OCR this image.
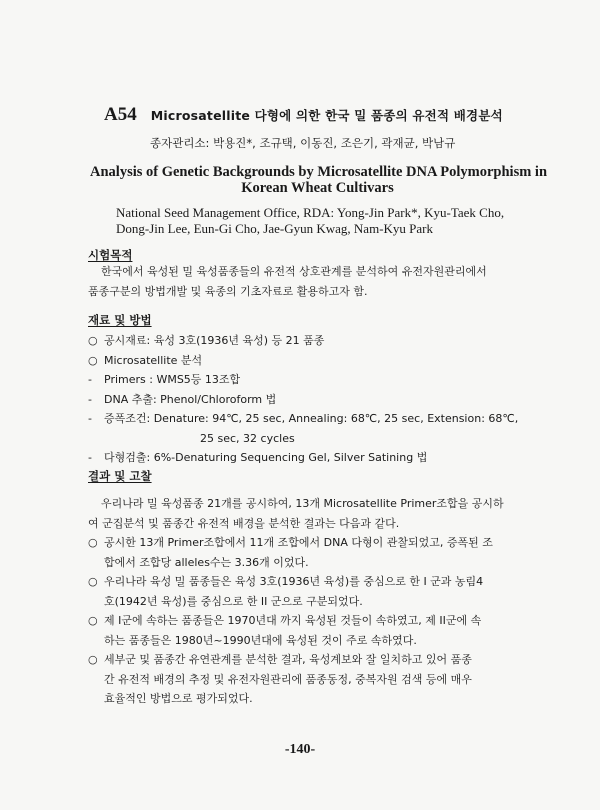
A54 Microsatellite 다형에 의한 한국 밀 품종의 유전적 배경분석
종자관리소: 박용진*, 조규택, 이동진, 조은기, 곽재균, 박남규
Analysis of Genetic Backgrounds by Microsatellite DNA Polymorphism in
Korean Wheat Cultivars
National Seed Management Office, RDA: Yong-Jin Park*, Kyu-Taek Cho,
Dong-Jin Lee, Eun-Gi Cho, Jae-Gyun Kwag, Nam-Kyu Park
시험목적
한국에서 육성된 밀 육성품종들의 유전적 상호관계를 분석하여 유전자원관리에서
품종구분의 방법개발 및 육종의 기초자료로 활용하고자 함.
재료 및 방법
○ 공시재료: 육성 3호(1936년 육성) 등 21 품종
○ Microsatellite 분석
-	Primers : WMS5등 13조합
-	DNA 추출: Phenol/Chloroform 법
-	증폭조건: Denature: 94℃, 25 sec, Annealing: 68℃, 25 sec, Extension: 68℃,
25 sec, 32 cycles
-	다형검출: 6%-Denaturing Sequencing Gel, Silver Satining 법
결과 및 고찰
우리나라 밀 육성품종 21개를 공시하여, 13개 Microsatellite Primer조합을 공시하
여 군집분석 및 품종간 유전적 배경을 분석한 결과는 다음과 같다.
○ 공시한 13개 Primer조합에서 11개 조합에서 DNA 다형이 관찰되었고, 증폭된 조
합에서 조합당 alleles수는 3.36개 이었다.
○ 우리나라 육성 밀 품종들은 육성 3호(1936년 육성)를 중심으로 한 I 군과 농림4
호(1942년 육성)를 중심으로 한 II 군으로 구분되었다.
○ 제 I군에 속하는 품종들은 1970년대 까지 육성된 것들이 속하였고, 제 II군에 속
하는 품종들은 1980년~1990년대에 육성된 것이 주로 속하였다.
○ 세부군 및 품종간 유연관계를 분석한 결과, 육성계보와 잘 일치하고 있어 품종
간 유전적 배경의 추정 및 유전자원관리에 품종동정, 중복자원 검색 등에 매우
효율적인 방법으로 평가되었다.
-140-
